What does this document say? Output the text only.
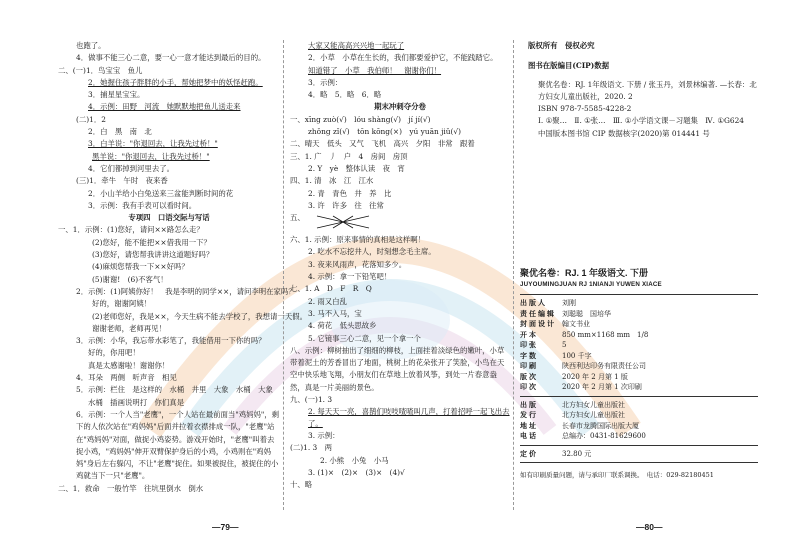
也跑了。
4．做事不能三心二意，要一心一意才能达到最后的目的。
二、(一)1．鸟宝宝　鱼儿
2．她握住孩子胖胖的小手，帮她把梦中的妖怪赶跑。
3．捕星星宝宝。
4．示例：田野　河流　她默默地把鱼儿送走来
(二)1．2
2．白　黑　南　北
3．白羊说："你退回去，让我先过桥！"
黑羊说："你退回去，让我先过桥！"
4．它们都掉到河里去了。
(三)1．牵牛　午时　夜来香
2．小山羊给小白兔送来三盆能判断时间的花
3．示例：我有手表可以看时间。
专项四　口语交际与写话
一、1．示例：(1)您好，请问××路怎么走？
(2)您好，能不能把××借我用一下？
(3)您好，请您帮我讲讲这道题好吗？
(4)麻烦您帮我一下××好吗？
(5)谢谢!　(6)不客气！
2．示例：(1)阿姨你好！　我是李明的同学××，请问李明在家吗？
好的，谢谢阿姨！
(2)老师您好，我是××，今天生病不能去学校了，我想请一天假。
谢谢老师，老师再见！
3．示例：小华，我忘带水彩笔了，我能借用一下你的吗？
好的，你用吧！
真是太感谢啦！谢谢你！
4．耳朵　两侧　听声音　相见
5．示例：栏住　是这样的　水桶　井里　大象　水桶　大象
水桶　插画说明打　你们真是
6．示例：一个人当"老鹰"，一个人站在最前面当"鸡妈妈"，剩下的人依次站在"鸡妈妈"后面并拉着衣襟排成一队，"老鹰"站在"鸡妈妈"对面，做捉小鸡姿势。游戏开始时，"老鹰"叫着去捉小鸡，"鸡妈妈"伸开双臂保护身后的小鸡，小鸡则在"鸡妈妈"身后左右躲闪，不让"老鹰"捉住。如果被捉住，被捉住的小鸡就当下一只"老鹰"。
二、1．救命　一般竹竿　往坑里倒水　倒水
大家又能高高兴兴地一起玩了
2．小草　小草在生长的，我们都要爱护它，不能践踏它。
知道错了　小草　我伯师！　谢谢你们！
3．示例：
4．略　5．略　6．略
期末冲刺夺分卷
一、xīng zuò(√)　lóu shàng(√)　jí jí(√)
zhǒng zǐ(√)　tōn kōng(×)　yú yuān jiǔ(√)
二、晴天　低头　又气　飞机　高兴　夕阳　非常　跟着
三、1. 广　丿　户　4　房间　房顶
2. Y　yè　整体认读　夜　宵
四、1. 清　冰　江　江水
2. 青　青色　井　养　比
3. 许　许多　往　往常
五、
六、1. 示例：原来事情的真相是这样啊！
2. 吃水不忘挖井人，时刻想念毛主席。
3. 夜来风雨声，花落知多少。
4. 示例：拿一下铅笔吧！
七、1. A　D　F　R　Q
2. 雨又白乱
3. 马不入马，宝
4. 荷花　低头思故乡
5. 它镜事三心二意，见一个拿一个
八、示例：柳树抽出了细细的柳枝，上面挂着淡绿色的嫩叶，小草带着泥土的芳香冒出了地面，桃树上的花朵张开了笑脸，小鸟在天空中快乐地飞翔，小朋友们在草地上放着风筝，到处一片春意盎然，真是一片美丽的景色。
九、(一)1. 3
2. 每天天一亮，喜鹊们吱吱喳喳叫几声，打着招呼一起飞出去了。
3. 示例：
(二)1. 3　两
2. 小熊　小兔　小马
3. (1)×　(2)×　(3)×　(4)√
十、略
版权所有　侵权必究
图书在版编目(CIP)数据
聚优名卷：RJ. 1年级语文. 下册 / 张玉丹，刘景林编著. —长春：北方妇女儿童出版社，2020. 2
ISBN 978-7-5585-4228-2
Ⅰ. ①聚…　Ⅱ. ①张…　Ⅲ. ①小学语文课－习题集　Ⅳ. ①G624
中国版本图书馆 CIP 数据核字(2020)第 014441 号
聚优名卷：RJ. 1 年级语文. 下册
JUYOUMINGJUAN RJ 1NIANJI YUWEN XIACE
出版人	刘刚
责任编辑 刘聪聪　国培华
封面设计 翰文书业
开本	850 mm×1168 mm　1/8
印张	5
字数	100 千字
印刷	陕西利达印务有限责任公司
版次	2020 年 2 月第 1 版
印次	2020 年 2 月第 1 次印刷
出版	北方妇女儿童出版社
发行	北方妇女儿童出版社
地址	长春市龙腾国际出版大厦
电话	总编办：0431-81629600
定价	32.80 元
如有印刷质量问题，请与承印厂联系调换。　电话：029-82180451
—79—	—80—
